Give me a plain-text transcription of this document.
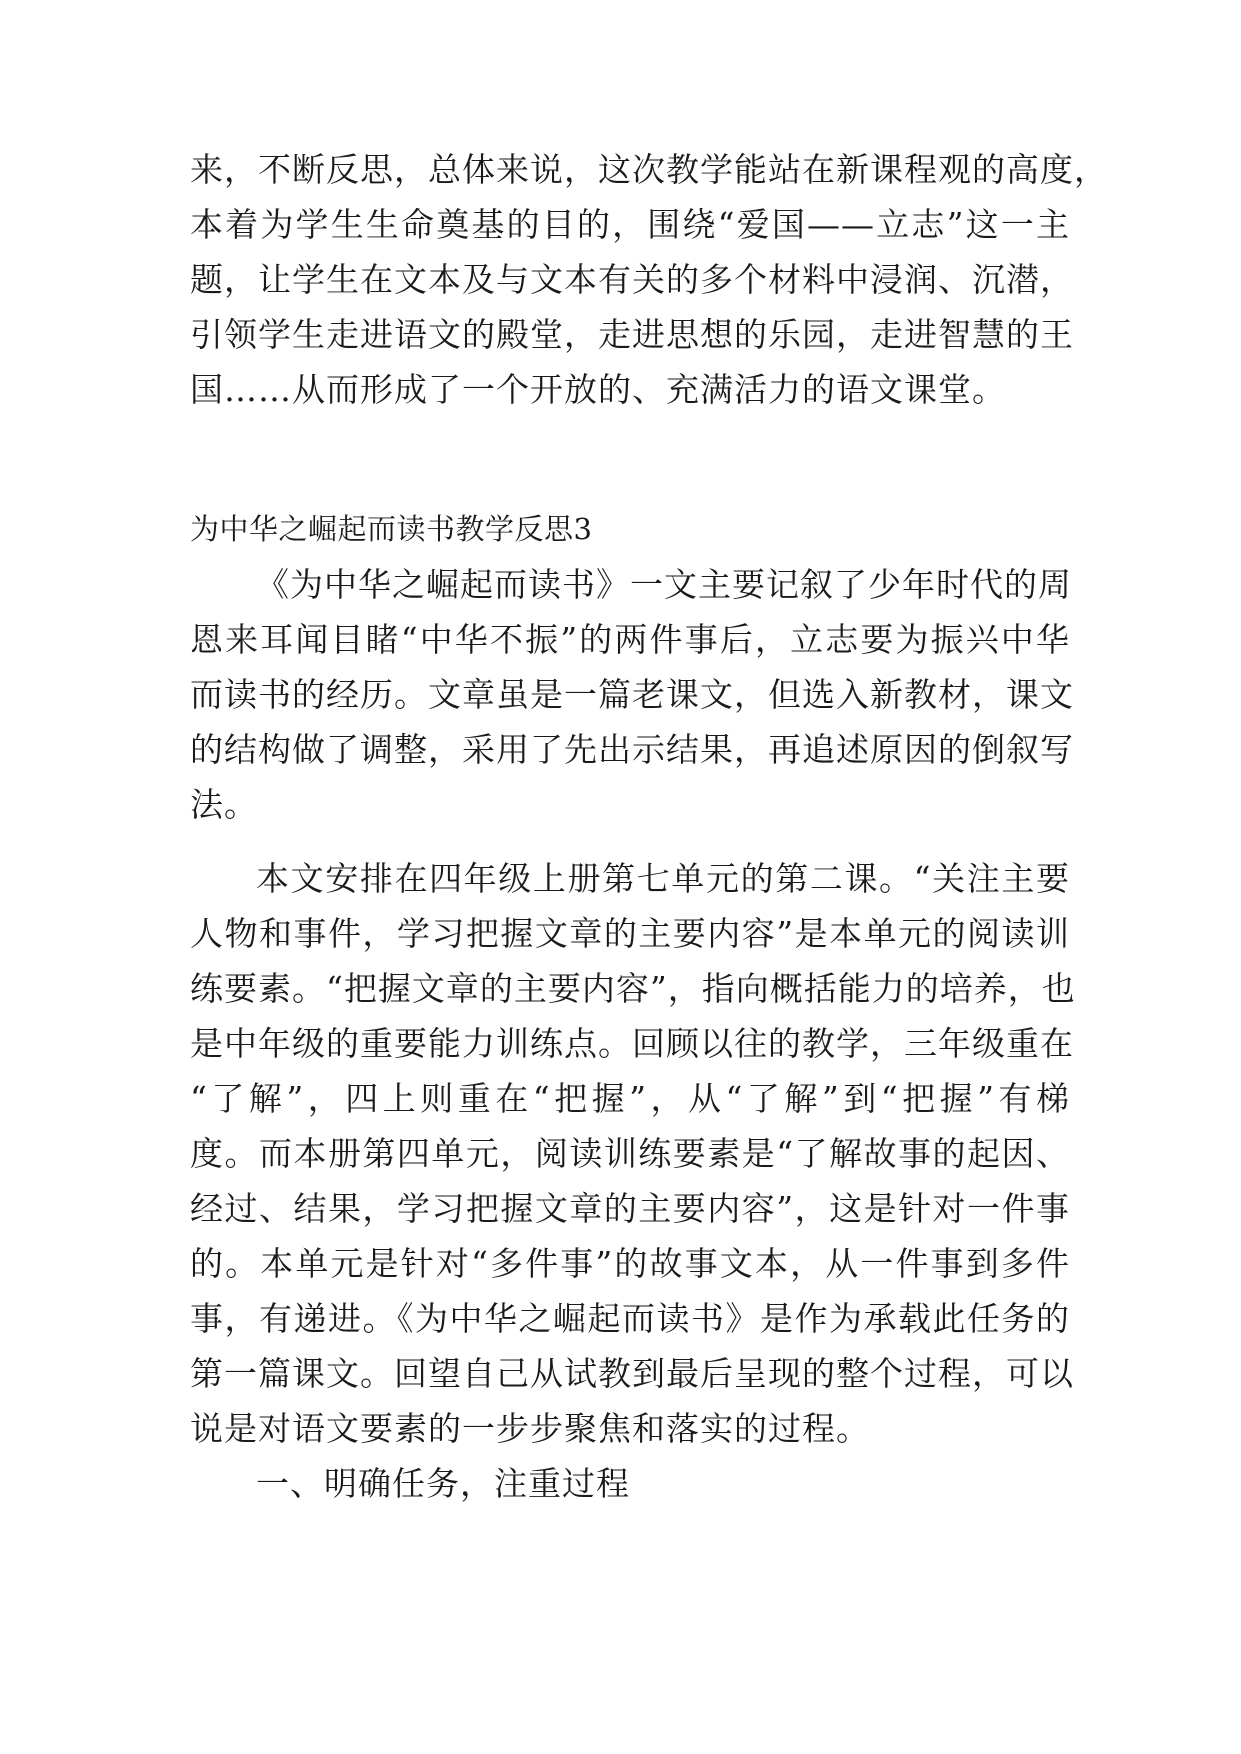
来，不断反思，总体来说，这次教学能站在新课程观的高度，
本着为学生生命奠基的目的，围绕“爱国——立志”这一主
题，让学生在文本及与文本有关的多个材料中浸润、沉潜，
引领学生走进语文的殿堂，走进思想的乐园，走进智慧的王
国……从而形成了一个开放的、充满活力的语文课堂。
为中华之崛起而读书教学反思3
《为中华之崛起而读书》一文主要记叙了少年时代的周
恩来耳闻目睹“中华不振”的两件事后，立志要为振兴中华
而读书的经历。文章虽是一篇老课文，但选入新教材，课文
的结构做了调整，采用了先出示结果，再追述原因的倒叙写
法。
本文安排在四年级上册第七单元的第二课。“关注主要
人物和事件，学习把握文章的主要内容”是本单元的阅读训
练要素。“把握文章的主要内容”，指向概括能力的培养，也
是中年级的重要能力训练点。回顾以往的教学，三年级重在
“了解”，四上则重在“把握”，从“了解”到“把握”有梯
度。而本册第四单元，阅读训练要素是“了解故事的起因、
经过、结果，学习把握文章的主要内容”，这是针对一件事
的。本单元是针对“多件事”的故事文本，从一件事到多件
事，有递进。《为中华之崛起而读书》是作为承载此任务的
第一篇课文。回望自己从试教到最后呈现的整个过程，可以
说是对语文要素的一步步聚焦和落实的过程。
一、明确任务，注重过程
